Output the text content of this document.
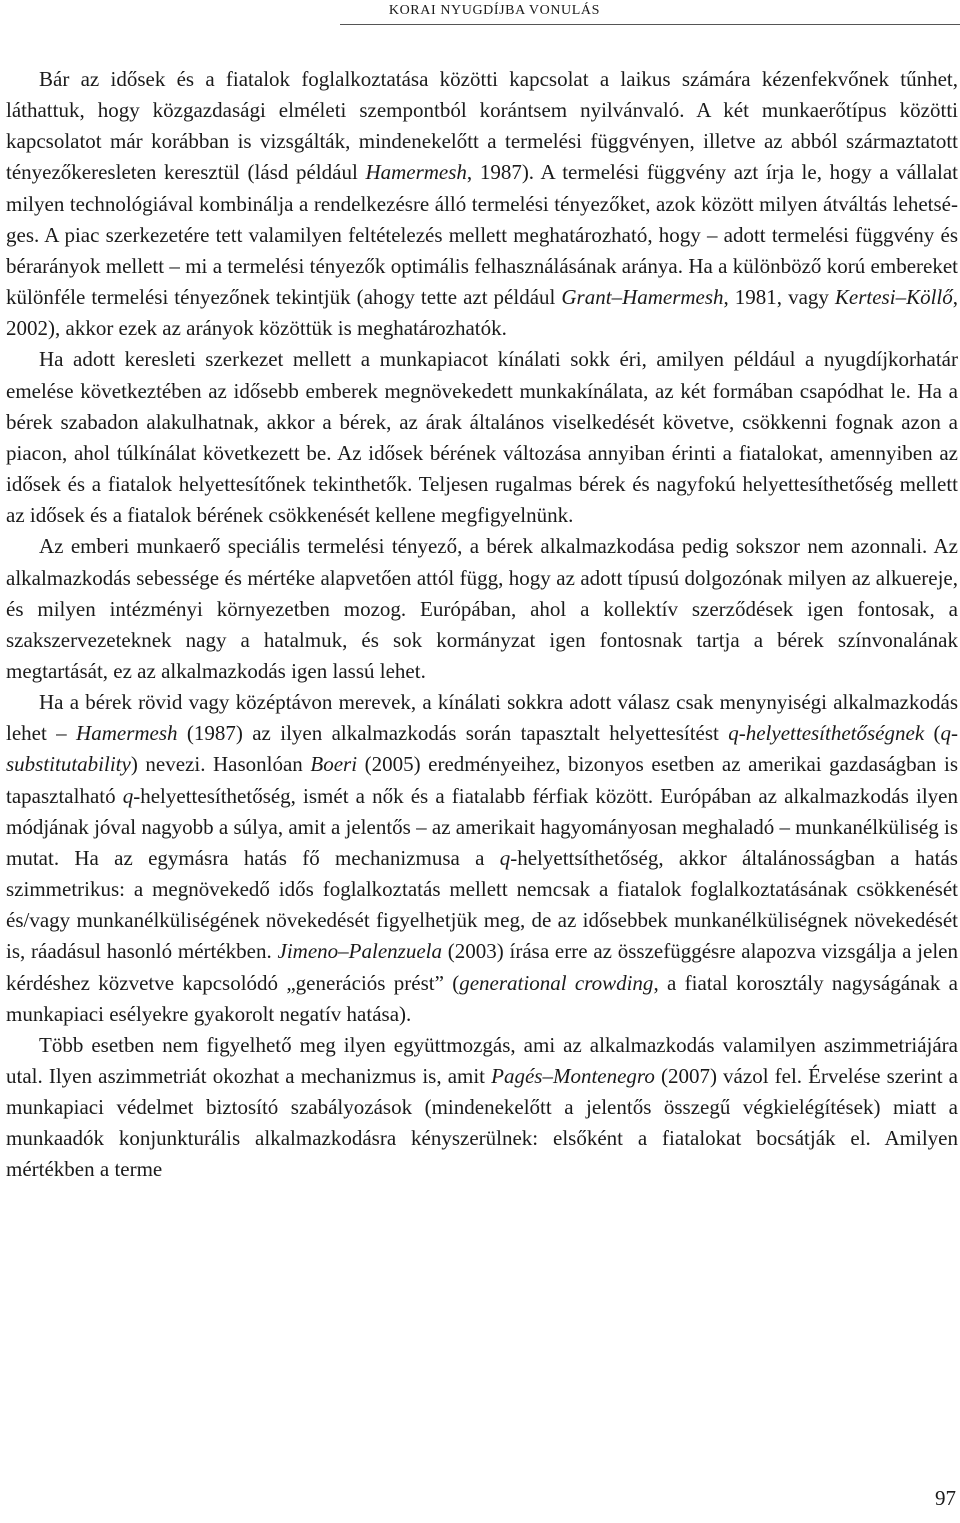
KORAI NYUGDÍJBA VONULÁS

Bár az idősek és a fiatalok foglalkoztatása közötti kapcsolat a laikus számára kézenfekvőnek tűnhet, láthattuk, hogy közgazdasági elméleti szempontból korántsem nyilvánvaló. A két munkaerőtípus közötti kapcsolatot már korábban is vizsgálták, mindenekelőtt a termelési függvényen, illetve az abból származtatott tényezőkeresleten keresztül (lásd például Hamermesh, 1987). A termelési függvény azt írja le, hogy a vállalat milyen technológiával kombinálja a rendelkezésre álló termelési tényezőket, azok között milyen átváltás lehetséges. A piac szerkezetére tett valamilyen feltételezés mellett meghatározható, hogy – adott termelési függvény és bérarányok mellett – mi a termelési tényezők optimális felhasználásának aránya. Ha a különböző korú embereket különféle termelési tényezőnek tekintjük (ahogy tette azt például Grant–Hamermesh, 1981, vagy Kertesi–Köllő, 2002), akkor ezek az arányok közöttük is meghatározhatók.

Ha adott keresleti szerkezet mellett a munkapiacot kínálati sokk éri, amilyen például a nyugdíjkorhatár emelése következtében az idősebb emberek megnövekedett munkakínálata, az két formában csapódhat le. Ha a bérek szabadon alakulhatnak, akkor a bérek, az árak általános viselkedését követve, csökkenni fognak azon a piacon, ahol túlkínálat következett be. Az idősek bérének változása annyiban érinti a fiatalokat, amennyiben az idősek és a fiatalok helyettesítőnek tekinthetők. Teljesen rugalmas bérek és nagyfokú helyettesíthetőség mellett az idősek és a fiatalok bérének csökkenését kellene megfigyelnünk.

Az emberi munkaerő speciális termelési tényező, a bérek alkalmazkodása pedig sokszor nem azonnali. Az alkalmazkodás sebessége és mértéke alapvetően attól függ, hogy az adott típusú dolgozónak milyen az alkuereje, és milyen intézményi környezetben mozog. Európában, ahol a kollektív szerződések igen fontosak, a szakszervezeteknek nagy a hatalmuk, és sok kormányzat igen fontosnak tartja a bérek színvonalának megtartását, ez az alkalmazkodás igen lassú lehet.

Ha a bérek rövid vagy középtávon merevek, a kínálati sokkra adott válasz csak menynyiségi alkalmazkodás lehet – Hamermesh (1987) az ilyen alkalmazkodás során tapasztalt helyettesítést q-helyettesíthetőségnek (q-substitutability) nevezi. Hasonlóan Boeri (2005) eredményeihez, bizonyos esetben az amerikai gazdaságban is tapasztalható q-helyettesíthetőség, ismét a nők és a fiatalabb férfiak között. Európában az alkalmazkodás ilyen módjának jóval nagyobb a súlya, amit a jelentős – az amerikait hagyományosan meghaladó – munkanélküliség is mutat. Ha az egymásra hatás fő mechanizmusa a q-helyettsíthetőség, akkor általánosságban a hatás szimmetrikus: a megnövekedő idős foglalkoztatás mellett nemcsak a fiatalok foglalkoztatásának csökkenését és/vagy munkanélküliségének növekedését figyelhetjük meg, de az idősebbek munkanélküliségnek növekedését is, ráadásul hasonló mértékben. Jimeno–Palenzuela (2003) írása erre az összefüggésre alapozva vizsgálja a jelen kérdéshez közvetve kapcsolódó „generációs prést” (generational crowding, a fiatal korosztály nagyságának a munkapiaci esélyekre gyakorolt negatív hatása).

Több esetben nem figyelhető meg ilyen együttmozgás, ami az alkalmazkodás valamilyen aszimmetriájára utal. Ilyen aszimmetriát okozhat a mechanizmus is, amit Pagés–Montenegro (2007) vázol fel. Érvelése szerint a munkapiaci védelmet biztosító szabályozások (mindenekelőtt a jelentős összegű végkielégítések) miatt a munkaadók konjunkturális alkalmazkodásra kényszerülnek: elsőként a fiatalokat bocsátják el. Amilyen mértékben a terme

97
